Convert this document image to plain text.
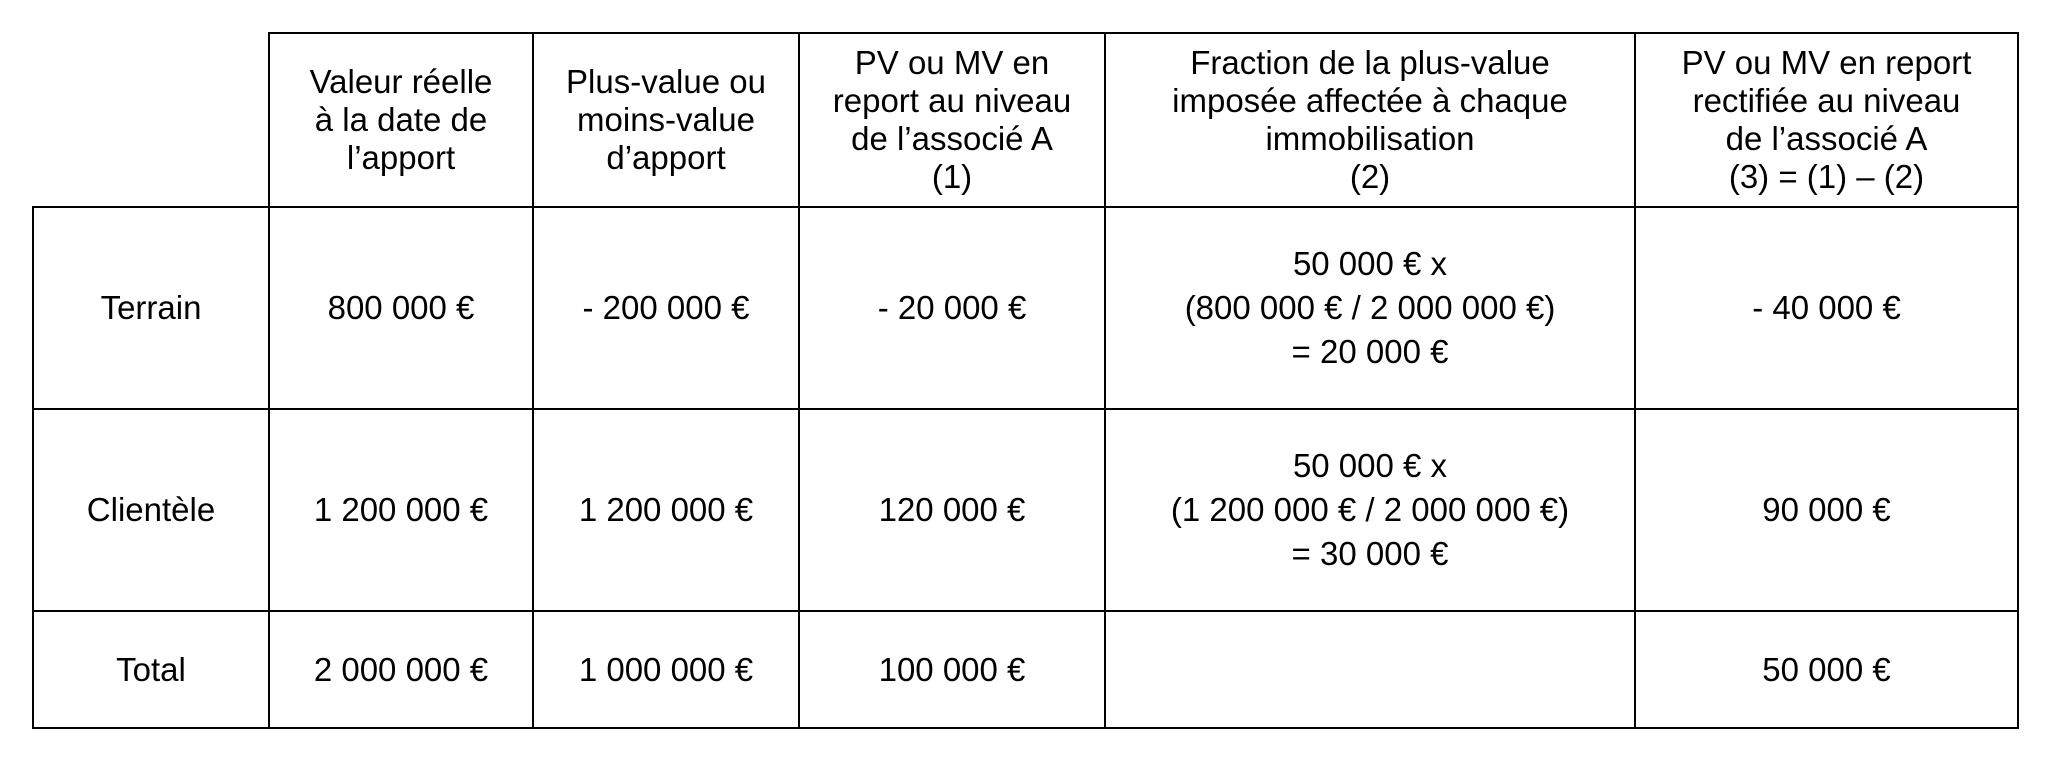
	Valeur réelle
à la date de
l’apport	Plus-value ou
moins-value
d’apport	PV ou MV en
report au niveau
de l’associé A
(1)	Fraction de la plus-value
imposée affectée à chaque
immobilisation
(2)	PV ou MV en report
rectifiée au niveau
de l’associé A
(3) = (1) – (2)

Terrain	800 000 €	- 200 000 €	- 20 000 €	50 000 € x
(800 000 € / 2 000 000 €)
= 20 000 €	- 40 000 €
Clientèle	1 200 000 €	1 200 000 €	120 000 €	50 000 € x
(1 200 000 € / 2 000 000 €)
= 30 000 €	90 000 €
Total	2 000 000 €	1 000 000 €	100 000 €		50 000 €
